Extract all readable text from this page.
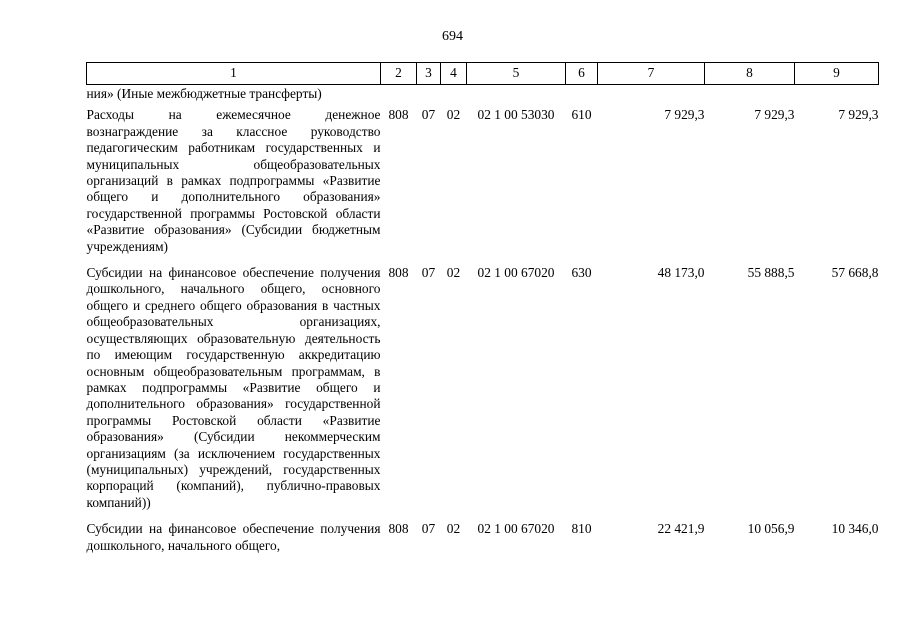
694
1	2	3	4	5	6	7	8	9
ния» (Иные межбюджетные трансферты)								
Расходы на ежемесячное денежное вознаграждение за классное руководство педагогическим работникам государственных и муниципальных общеобразовательных организаций в рамках подпрограммы «Развитие общего и дополнительного образования» государственной программы Ростовской области «Развитие образования» (Субсидии бюджетным учреждениям)	808	07	02	02 1 00 53030	610	7 929,3	7 929,3	7 929,3
Субсидии на финансовое обеспечение получения дошкольного, начального общего, основного общего и среднего общего образования в частных общеобразовательных организациях, осуществляющих образовательную деятельность по имеющим государственную аккредитацию основным общеобразовательным программам, в рамках подпрограммы «Развитие общего и дополнительного образования» государственной программы Ростовской области «Развитие образования» (Субсидии некоммерческим организациям (за исключением государственных (муниципальных) учреждений, государственных корпораций (компаний), публично-правовых компаний))	808	07	02	02 1 00 67020	630	48 173,0	55 888,5	57 668,8
Субсидии на финансовое обеспечение получения дошкольного, начального общего,	808	07	02	02 1 00 67020	810	22 421,9	10 056,9	10 346,0
